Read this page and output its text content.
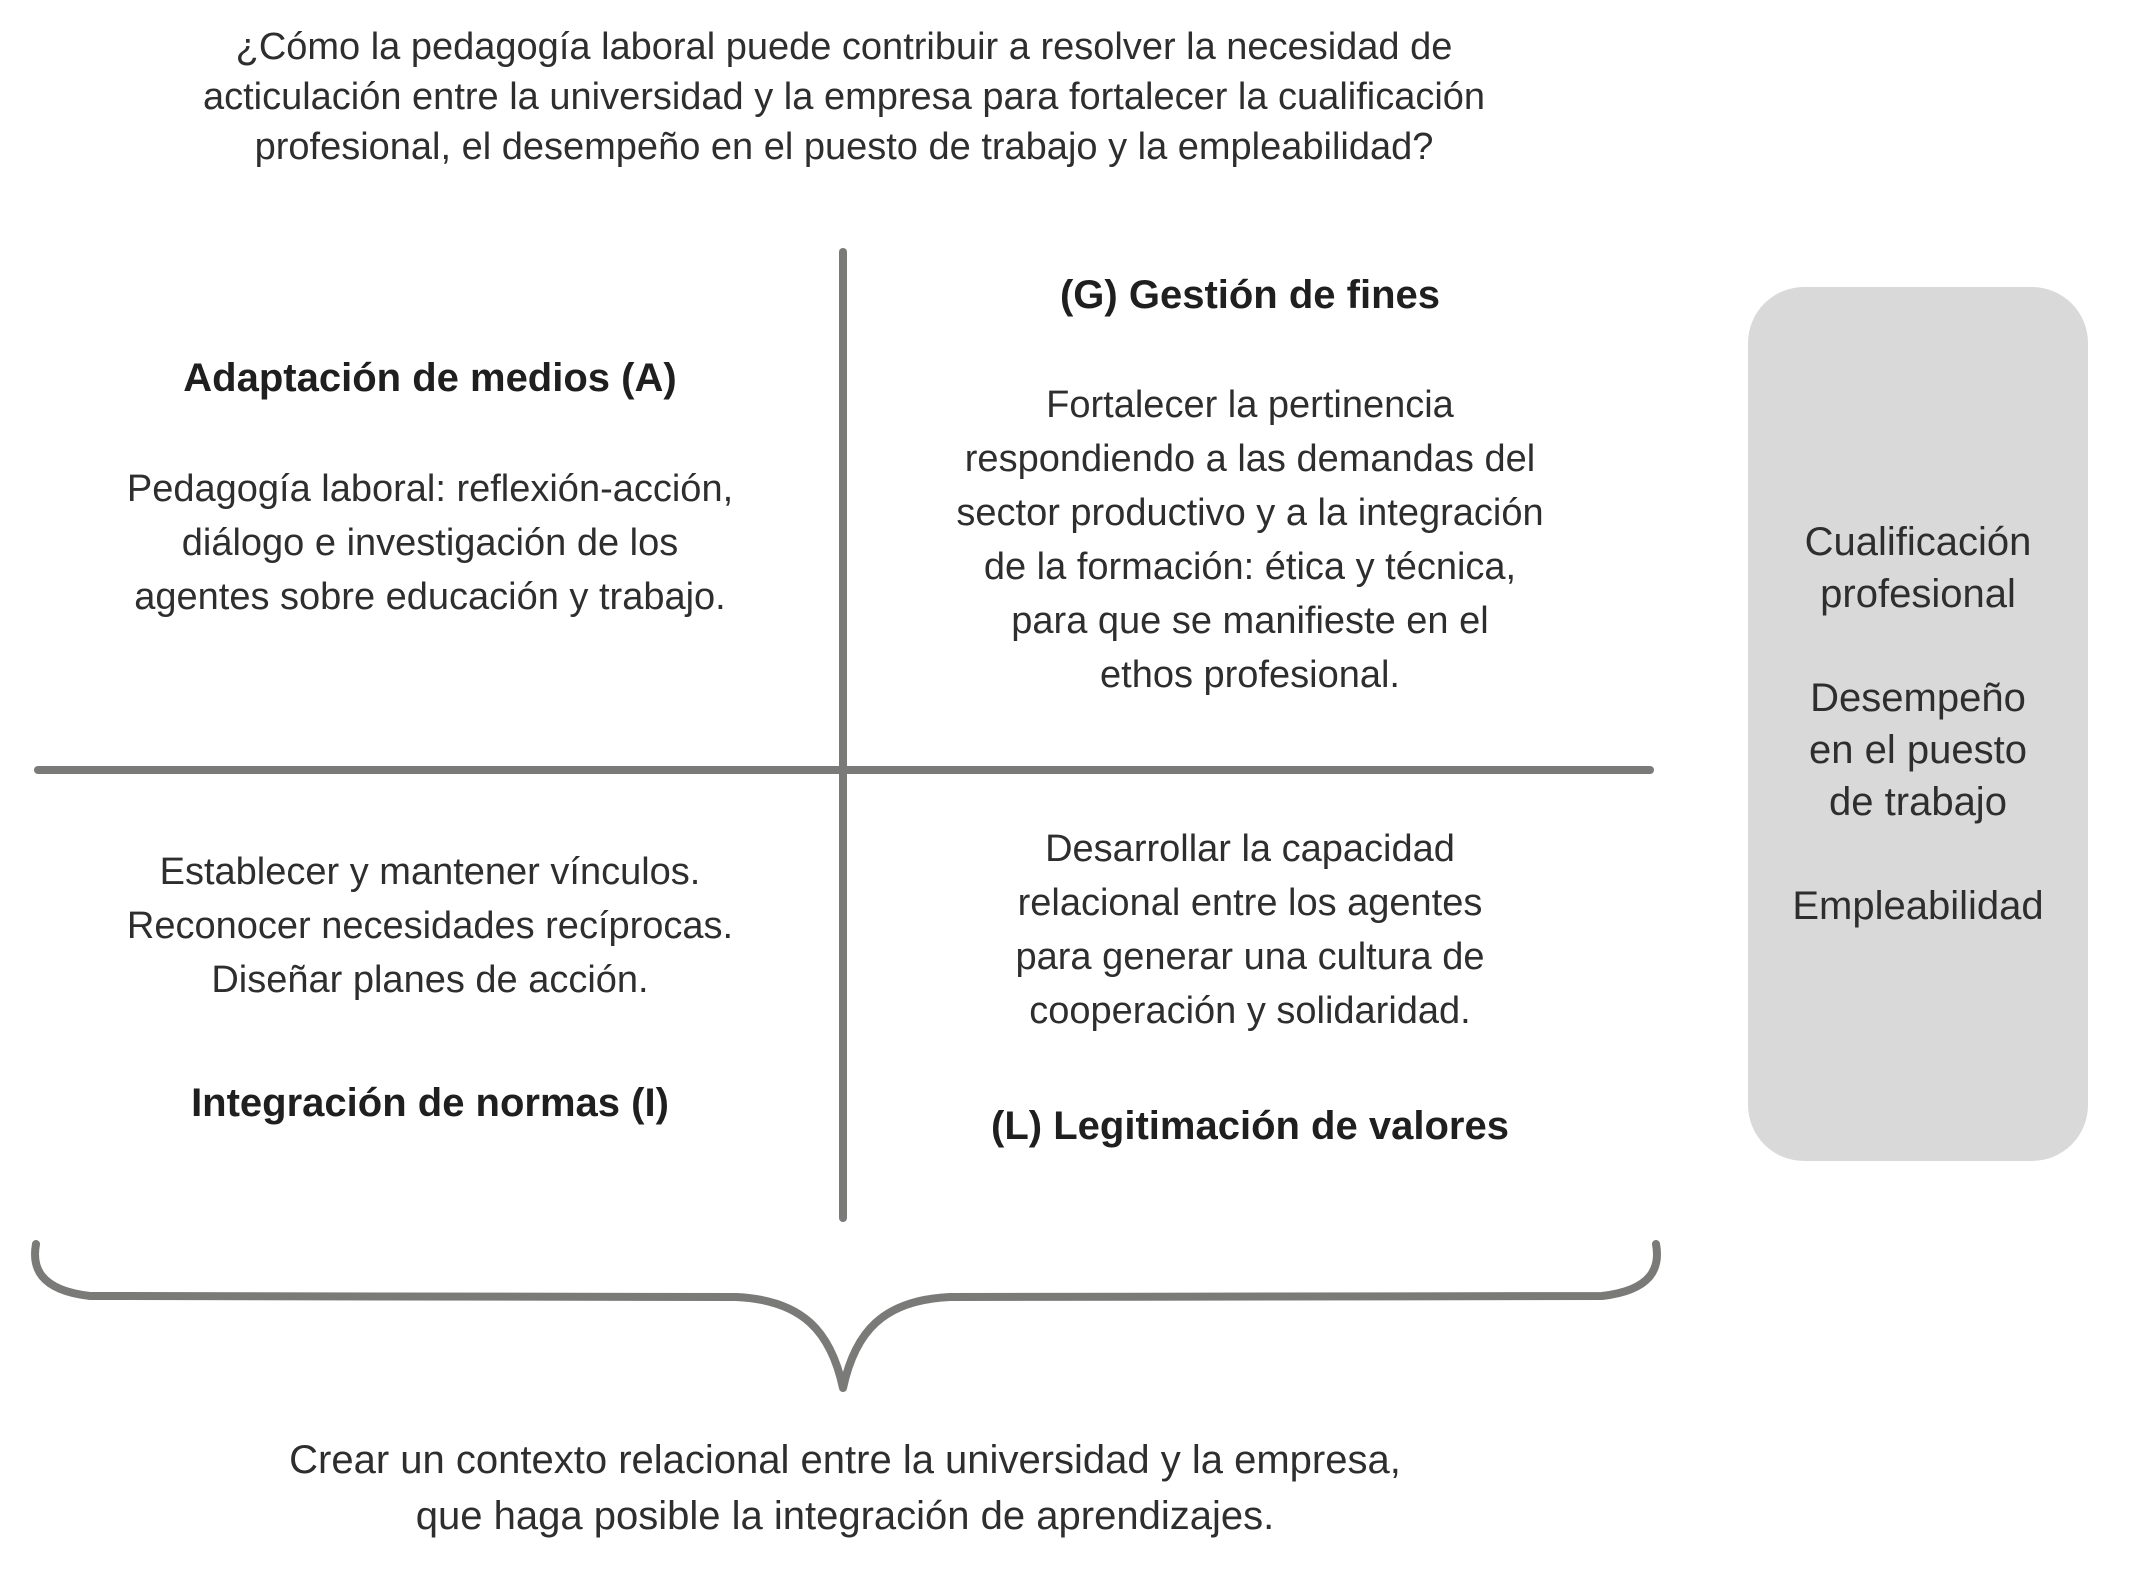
¿Cómo la pedagogía laboral puede contribuir a resolver la necesidad de
acticulación entre la universidad y la empresa para fortalecer la cualificación
profesional, el desempeño en el puesto de trabajo y la empleabilidad?
Adaptación de medios (A)
Pedagogía laboral: reflexión-acción,
diálogo e investigación de los
agentes sobre educación y trabajo.
(G) Gestión de fines
Fortalecer la pertinencia
respondiendo a las demandas del
sector productivo y a la integración
de la formación: ética y técnica,
para que se manifieste en el
ethos profesional.
Establecer y mantener vínculos.
Reconocer necesidades recíprocas.
Diseñar planes de acción.
Integración de normas (I)
Desarrollar la capacidad
relacional entre los agentes
para generar una cultura de
cooperación y solidaridad.
(L) Legitimación de valores
Cualificación
profesional
Desempeño
en el puesto
de trabajo
Empleabilidad
Crear un contexto relacional entre la universidad y la empresa,
que haga posible la integración de aprendizajes.
